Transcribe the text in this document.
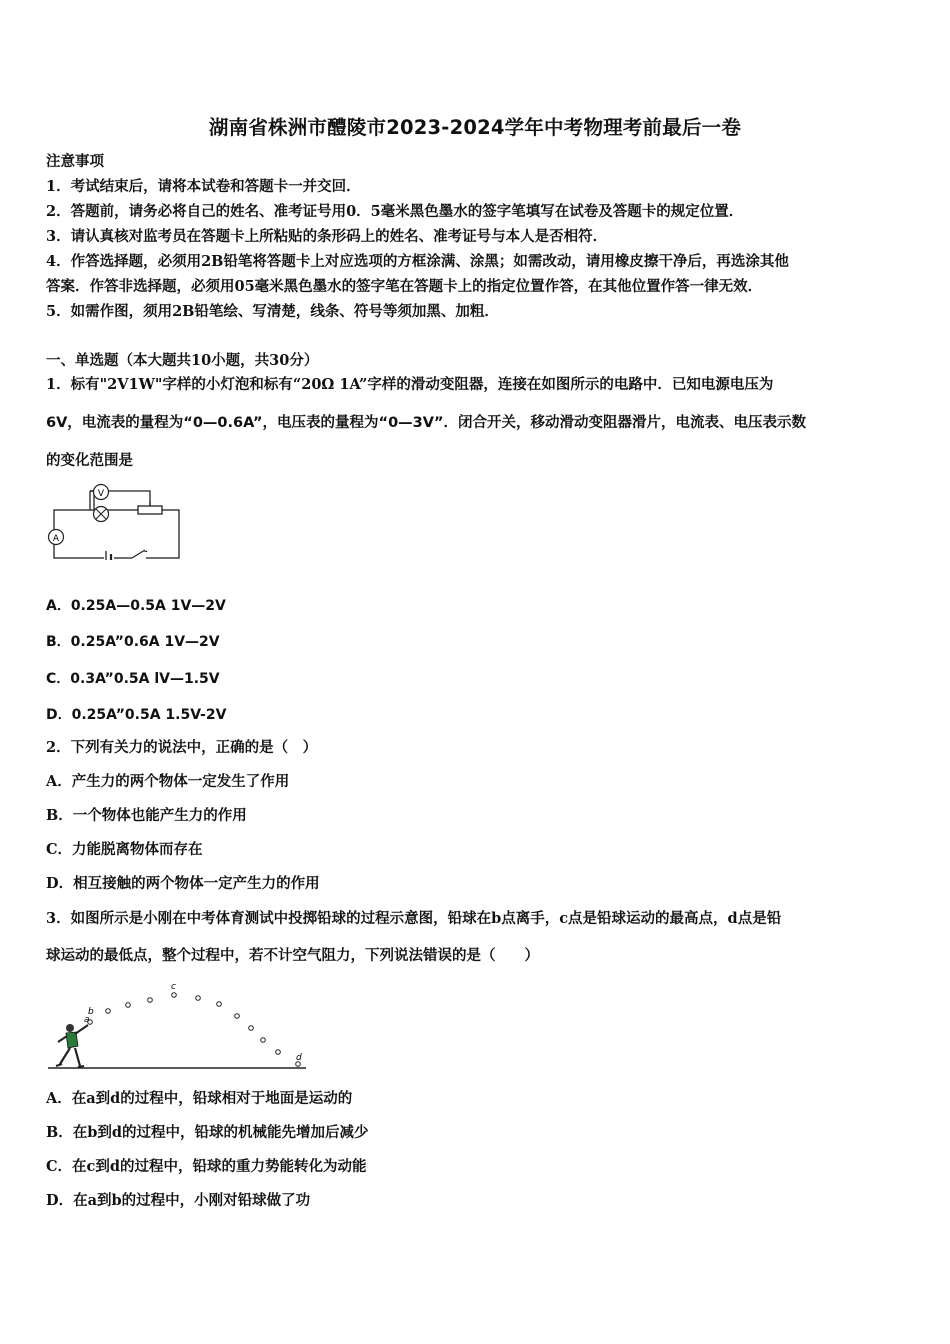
湖南省株洲市醴陵市2023-2024学年中考物理考前最后一卷
注意事项
1．考试结束后，请将本试卷和答题卡一并交回．
2．答题前，请务必将自己的姓名、准考证号用0．5毫米黑色墨水的签字笔填写在试卷及答题卡的规定位置．
3．请认真核对监考员在答题卡上所粘贴的条形码上的姓名、准考证号与本人是否相符．
4．作答选择题，必须用2B铅笔将答题卡上对应选项的方框涂满、涂黑；如需改动，请用橡皮擦干净后，再选涂其他
答案．作答非选择题，必须用05毫米黑色墨水的签字笔在答题卡上的指定位置作答，在其他位置作答一律无效．
5．如需作图，须用2B铅笔绘、写清楚，线条、符号等须加黑、加粗．
一、单选题（本大题共10小题，共30分）
1．标有"2V1W"字样的小灯泡和标有“20Ω 1A”字样的滑动变阻器，连接在如图所示的电路中．已知电源电压为
6V，电流表的量程为“0—0.6A”，电压表的量程为“0—3V”．闭合开关，移动滑动变阻器滑片，电流表、电压表示数
的变化范围是
V
A
A．0.25A—0.5A 1V—2V
B．0.25A”0.6A 1V—2V
C．0.3A”0.5A lV—1.5V
D．0.25A”0.5A 1.5V-2V
2．下列有关力的说法中，正确的是（　）
A．产生力的两个物体一定发生了作用
B．一个物体也能产生力的作用
C．力能脱离物体而存在
D．相互接触的两个物体一定产生力的作用
3．如图所示是小刚在中考体育测试中投掷铅球的过程示意图，铅球在b点离手，c点是铅球运动的最高点，d点是铅
球运动的最低点，整个过程中，若不计空气阻力，下列说法错误的是（　　）
a
b
c
d
A．在a到d的过程中，铅球相对于地面是运动的
B．在b到d的过程中，铅球的机械能先增加后减少
C．在c到d的过程中，铅球的重力势能转化为动能
D．在a到b的过程中，小刚对铅球做了功
